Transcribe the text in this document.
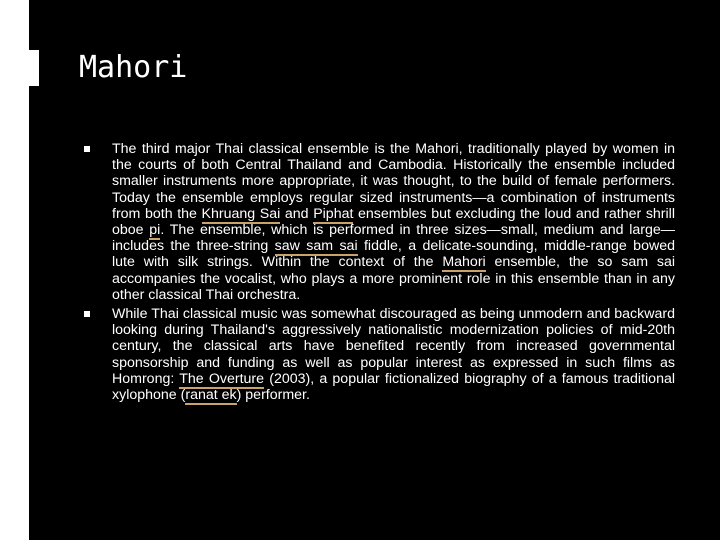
Mahori
The third major Thai classical ensemble is the Mahori, traditionally played by women in the courts of both Central Thailand and Cambodia. Historically the ensemble included smaller instruments more appropriate, it was thought, to the build of female performers. Today the ensemble employs regular sized instruments—a combination of instruments from both the Khruang Sai and Piphat ensembles but excluding the loud and rather shrill oboe pi. The ensemble, which is performed in three sizes—small, medium and large—includes the three-string saw sam sai fiddle, a delicate-sounding, middle-range bowed lute with silk strings. Within the context of the Mahori ensemble, the so sam sai accompanies the vocalist, who plays a more prominent role in this ensemble than in any other classical Thai orchestra.
While Thai classical music was somewhat discouraged as being unmodern and backward looking during Thailand's aggressively nationalistic modernization policies of mid-20th century, the classical arts have benefited recently from increased governmental sponsorship and funding as well as popular interest as expressed in such films as Homrong: The Overture (2003), a popular fictionalized biography of a famous traditional xylophone (ranat ek) performer.
